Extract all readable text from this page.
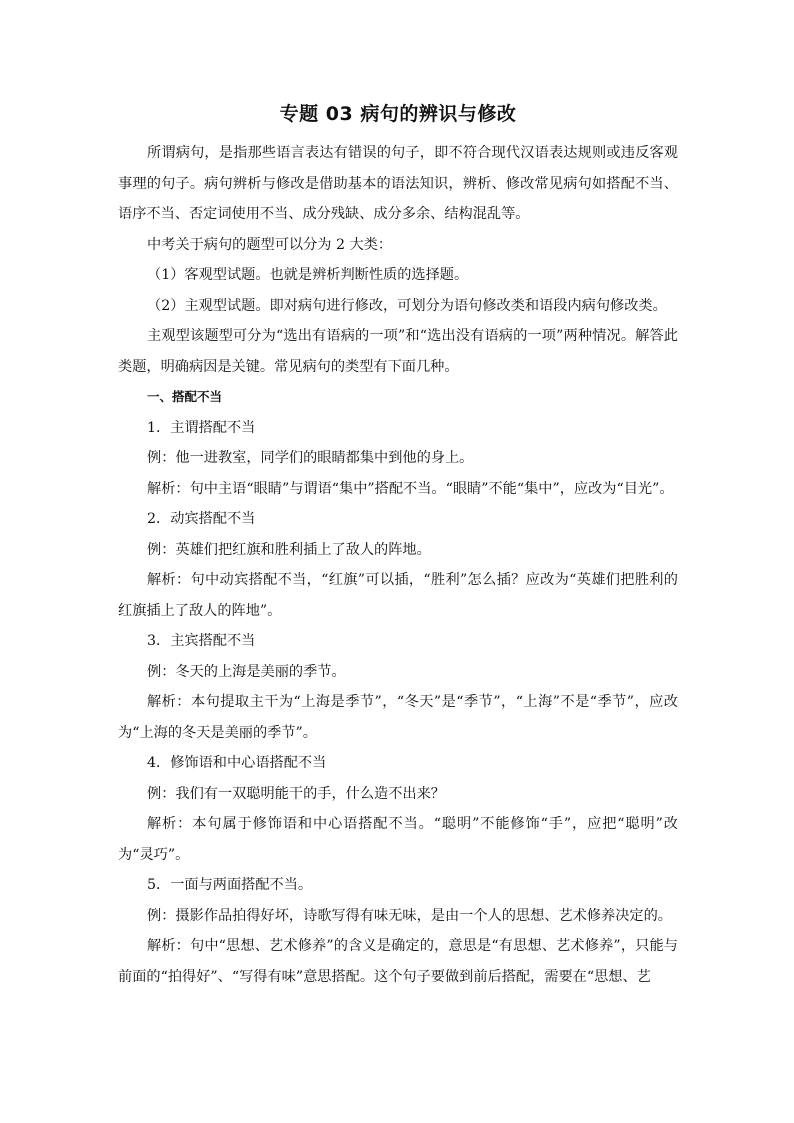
专题 03 病句的辨识与修改

所谓病句，是指那些语言表达有错误的句子，即不符合现代汉语表达规则或违反客观事理的句子。病句辨析与修改是借助基本的语法知识，辨析、修改常见病句如搭配不当、语序不当、否定词使用不当、成分残缺、成分多余、结构混乱等。

中考关于病句的题型可以分为 2 大类：

（1）客观型试题。也就是辨析判断性质的选择题。

（2）主观型试题。即对病句进行修改，可划分为语句修改类和语段内病句修改类。

主观型该题型可分为“选出有语病的一项”和“选出没有语病的一项”两种情况。解答此类题，明确病因是关键。常见病句的类型有下面几种。

一、搭配不当

1．主谓搭配不当

例：他一进教室，同学们的眼睛都集中到他的身上。

解析：句中主语“眼睛”与谓语“集中”搭配不当。“眼睛”不能“集中”，应改为“目光”。

2．动宾搭配不当

例：英雄们把红旗和胜利插上了敌人的阵地。

解析：句中动宾搭配不当，“红旗”可以插，“胜利”怎么插？应改为“英雄们把胜利的红旗插上了敌人的阵地”。

3．主宾搭配不当

例：冬天的上海是美丽的季节。

解析：本句提取主干为“上海是季节”，“冬天”是“季节”，“上海”不是“季节”，应改为“上海的冬天是美丽的季节”。

4．修饰语和中心语搭配不当

例：我们有一双聪明能干的手，什么造不出来？

解析：本句属于修饰语和中心语搭配不当。“聪明”不能修饰“手”，应把“聪明”改为“灵巧”。

5．一面与两面搭配不当。

例：摄影作品拍得好坏，诗歌写得有味无味，是由一个人的思想、艺术修养决定的。

解析：句中“思想、艺术修养”的含义是确定的，意思是“有思想、艺术修养”，只能与前面的“拍得好”、“写得有味”意思搭配。这个句子要做到前后搭配，需要在“思想、艺
